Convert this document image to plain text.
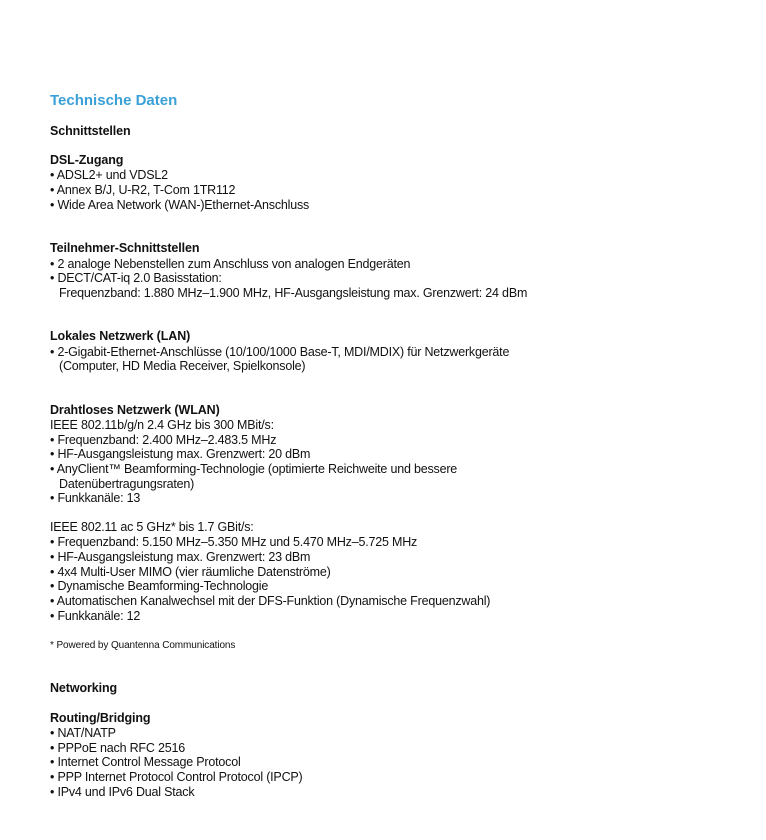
Technische Daten
Schnittstellen
DSL-Zugang
• ADSL2+ und VDSL2
• Annex B/J, U-R2, T-Com 1TR112
• Wide Area Network (WAN-)Ethernet-Anschluss
Teilnehmer-Schnittstellen
• 2 analoge Nebenstellen zum Anschluss von analogen Endgeräten
• DECT/CAT-iq 2.0 Basisstation:
Frequenzband: 1.880 MHz–1.900 MHz, HF-Ausgangsleistung max. Grenzwert: 24 dBm
Lokales Netzwerk (LAN)
• 2-Gigabit-Ethernet-Anschlüsse (10/100/1000 Base-T, MDI/MDIX) für Netzwerkgeräte
(Computer, HD Media Receiver, Spielkonsole)
Drahtloses Netzwerk (WLAN)
IEEE 802.11b/g/n 2.4 GHz bis 300 MBit/s:
• Frequenzband: 2.400 MHz–2.483.5 MHz
• HF-Ausgangsleistung max. Grenzwert: 20 dBm
• AnyClient™ Beamforming-Technologie (optimierte Reichweite und bessere
Datenübertragungsraten)
• Funkkanäle: 13
IEEE 802.11 ac 5 GHz* bis 1.7 GBit/s:
• Frequenzband: 5.150 MHz–5.350 MHz und 5.470 MHz–5.725 MHz
• HF-Ausgangsleistung max. Grenzwert: 23 dBm
• 4x4 Multi-User MIMO (vier räumliche Datenströme)
• Dynamische Beamforming-Technologie
• Automatischen Kanalwechsel mit der DFS-Funktion (Dynamische Frequenzwahl)
• Funkkanäle: 12
* Powered by Quantenna Communications
Networking
Routing/Bridging
• NAT/NATP
• PPPoE nach RFC 2516
• Internet Control Message Protocol
• PPP Internet Protocol Control Protocol (IPCP)
• IPv4 und IPv6 Dual Stack
